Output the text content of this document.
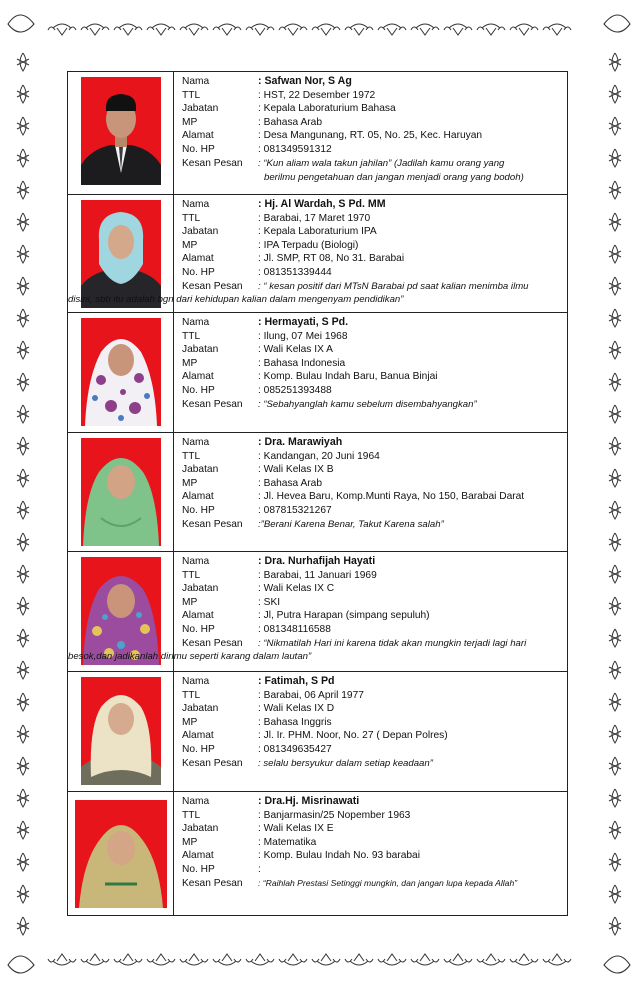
Nama	: Safwan Nor, S Ag
TTL	: HST, 22 Desember 1972
Jabatan	: Kepala Laboraturium Bahasa
MP	: Bahasa Arab
Alamat	: Desa Mangunang, RT. 05, No. 25, Kec. Haruyan
No. HP	: 081349591312
Kesan Pesan	: “Kun aliam wala takun jahilan” (Jadilah kamu orang yang
berilmu pengetahuan dan jangan menjadi orang yang bodoh)
Nama	: Hj. Al Wardah, S Pd. MM
TTL	: Barabai, 17 Maret 1970
Jabatan	: Kepala Laboraturium IPA
MP	: IPA Terpadu (Biologi)
Alamat	: Jl. SMP, RT 08, No 31. Barabai
No. HP	: 081351339444
Kesan Pesan	: “ kesan positif dari MTsN Barabai pd saat kalian menimba ilmu
disini, sbb itu adalah bgn dari kehidupan kalian dalam mengenyam pendidikan”
Nama	: Hermayati, S Pd.
TTL	: Ilung, 07 Mei 1968
Jabatan	: Wali Kelas IX A
MP	: Bahasa Indonesia
Alamat	: Komp. Bulau Indah Baru, Banua Binjai
No. HP	: 085251393488
Kesan Pesan	: “Sebahyanglah kamu sebelum disembahyangkan”
Nama	: Dra. Marawiyah
TTL	: Kandangan, 20 Juni 1964
Jabatan	: Wali Kelas IX B
MP	: Bahasa Arab
Alamat	: Jl. Hevea Baru, Komp.Munti Raya, No 150, Barabai Darat
No. HP	: 087815321267
Kesan Pesan	:”Berani Karena Benar, Takut Karena salah”
Nama	: Dra. Nurhafijah Hayati
TTL	: Barabai, 11 Januari 1969
Jabatan	: Wali Kelas IX C
MP	: SKI
Alamat	: Jl, Putra Harapan (simpang sepuluh)
No. HP	: 081348116588
Kesan Pesan	: “Nikmatilah Hari ini karena tidak akan mungkin terjadi lagi hari
besok,dan jadikanlah dirimu seperti karang dalam lautan”
Nama	: Fatimah, S Pd
TTL	: Barabai, 06 April 1977
Jabatan	: Wali Kelas IX D
MP	: Bahasa Inggris
Alamat	: Jl. Ir. PHM. Noor, No. 27 ( Depan Polres)
No. HP	: 081349635427
Kesan Pesan	: selalu bersyukur dalam setiap keadaan”
Nama	: Dra.Hj. Misrinawati
TTL	: Banjarmasin/25 Nopember 1963
Jabatan	: Wali Kelas IX E
MP	: Matematika
Alamat	: Komp. Bulau Indah No. 93 barabai
No. HP	:
Kesan Pesan	: “Raihlah Prestasi Setinggi mungkin, dan jangan lupa kepada Allah”
